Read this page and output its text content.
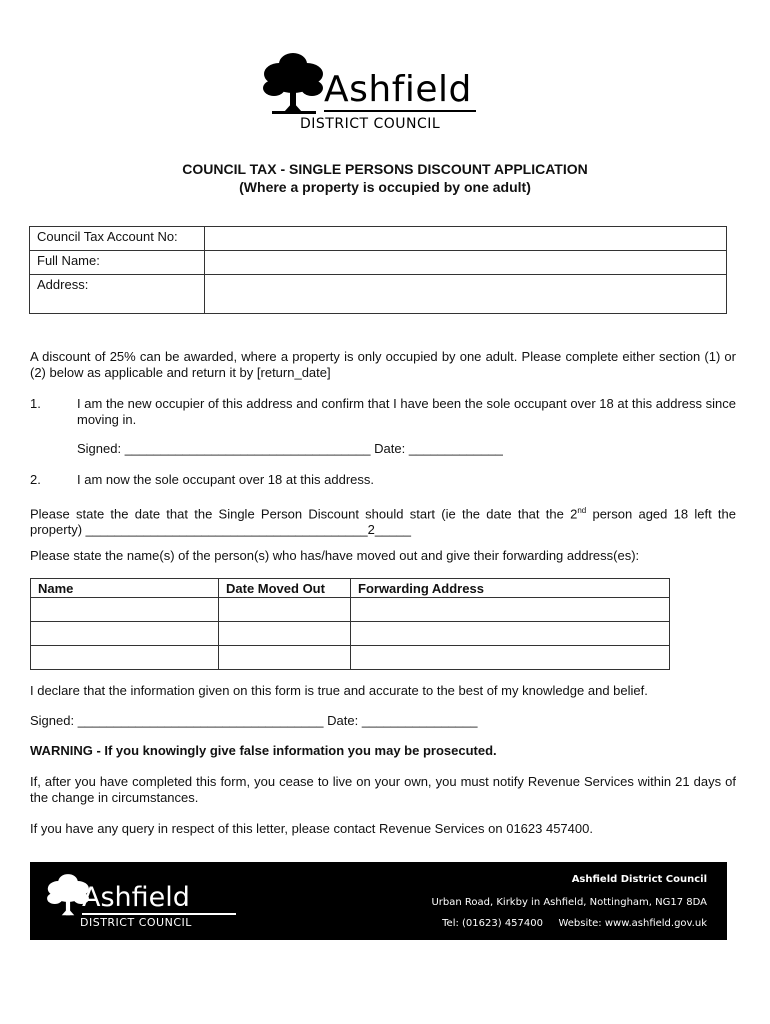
Ashfield
DISTRICT COUNCIL
COUNCIL TAX - SINGLE PERSONS DISCOUNT APPLICATION
(Where a property is occupied by one adult)
Council Tax Account No:	
Full Name:	
Address:	
A discount of 25% can be awarded, where a property is only occupied by one adult. Please complete either section (1) or (2) below as applicable and return it by [return_date]
1.	I am the new occupier of this address and confirm that I have been the sole occupant over 18 at this address since moving in.
Signed: __________________________________ Date: _____________
2.	I am now the sole occupant over 18 at this address.
Please state the date that the Single Person Discount should start (ie the date that the 2nd person aged 18 left the property) _______________________________________2_____
Please state the name(s) of the person(s) who has/have moved out and give their forwarding address(es):
Name	Date Moved Out	Forwarding Address

I declare that the information given on this form is true and accurate to the best of my knowledge and belief.
Signed: __________________________________ Date: ________________
WARNING - If you knowingly give false information you may be prosecuted.
If, after you have completed this form, you cease to live on your own, you must notify Revenue Services within 21 days of the change in circumstances.
If you have any query in respect of this letter, please contact Revenue Services on 01623 457400.
Ashfield
DISTRICT COUNCIL
Ashfield District Council
Urban Road, Kirkby in Ashfield, Nottingham, NG17 8DA
Tel: (01623) 457400 Website: www.ashfield.gov.uk
